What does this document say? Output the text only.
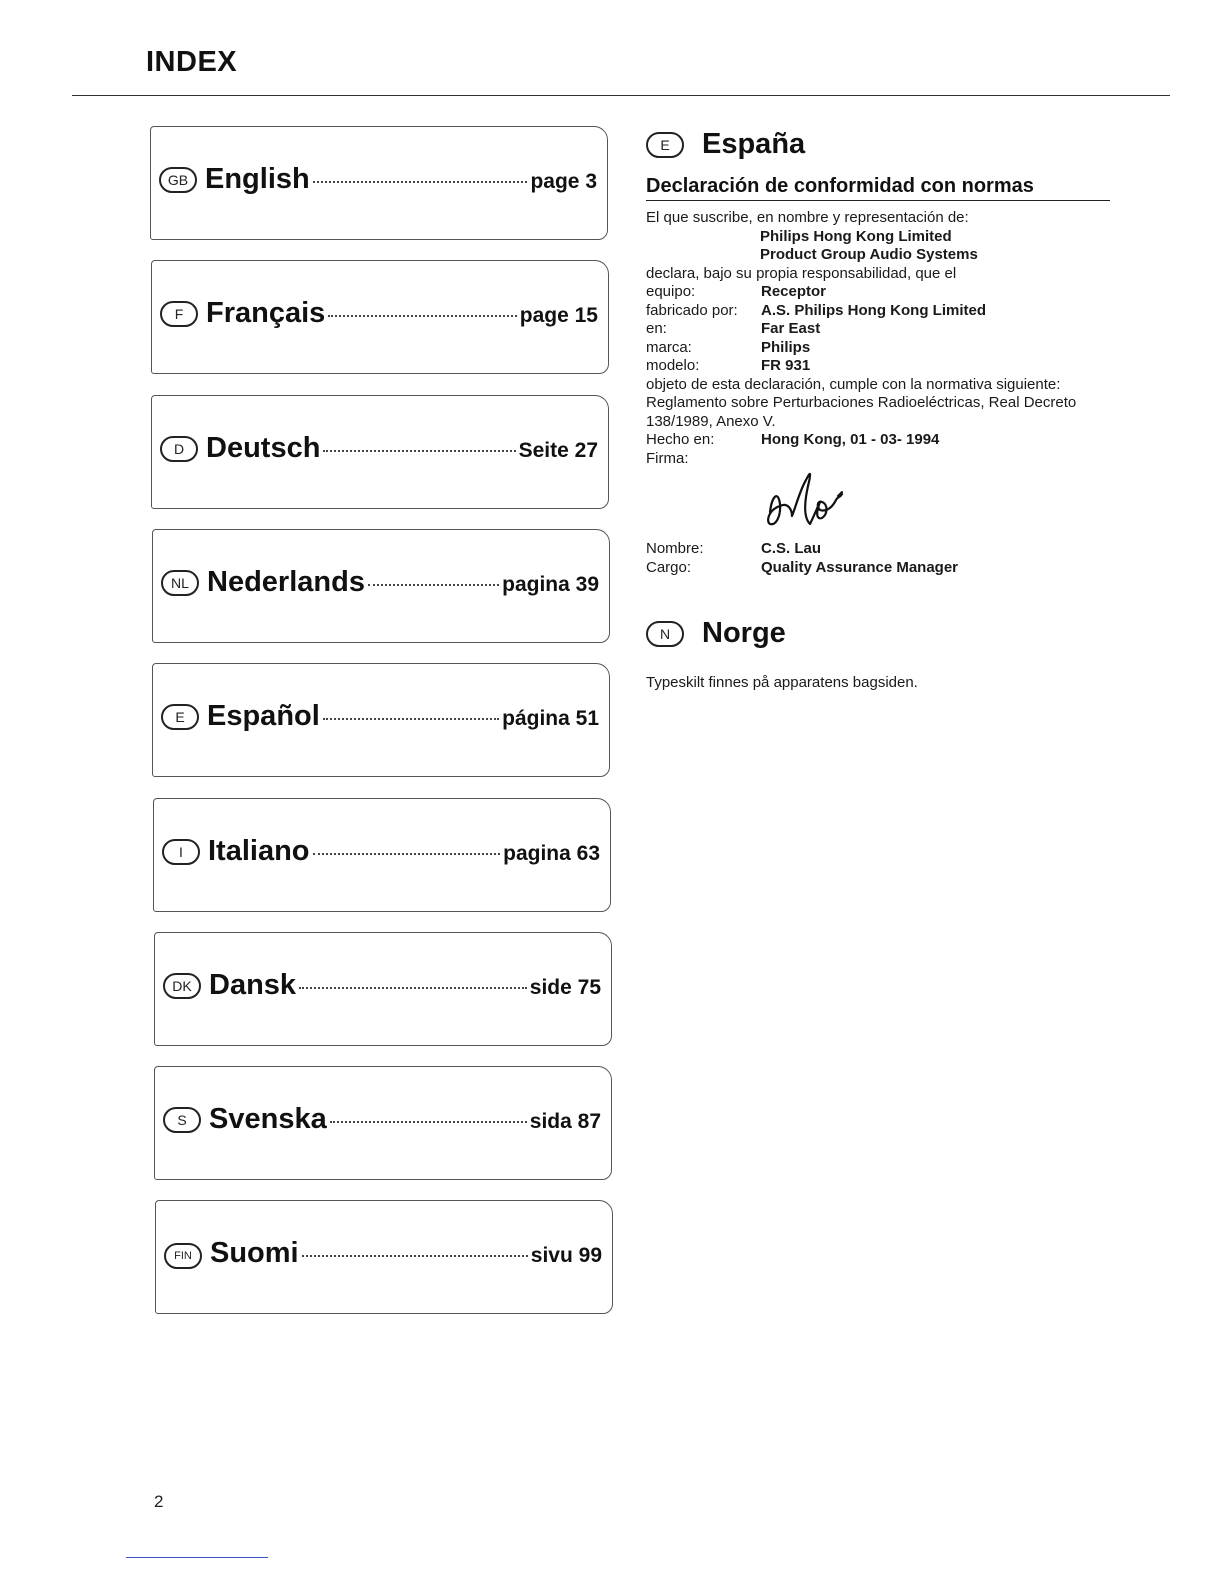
INDEX
GB English	page 3
F Français	page 15
D Deutsch	Seite 27
NL Nederlands	pagina 39
E Español	página 51
I Italiano	pagina 63
DK Dansk	side 75
S Svenska	sida 87
FIN Suomi	sivu 99
E	España
Declaración de conformidad con normas
El que suscribe, en nombre y representación de:
Philips Hong Kong Limited
Product Group Audio Systems
declara, bajo su propia responsabilidad, que el
equipo:	Receptor
fabricado por:	A.S. Philips Hong Kong Limited
en:	Far East
marca:	Philips
modelo:	FR 931
objeto de esta declaración, cumple con la normativa siguiente:
Reglamento sobre Perturbaciones Radioeléctricas, Real Decreto 138/1989, Anexo V.
Hecho en:	Hong Kong, 01 - 03- 1994
Firma:
Nombre:	C.S. Lau
Cargo:	Quality Assurance Manager
N	Norge
Typeskilt finnes på apparatens bagsiden.
2
